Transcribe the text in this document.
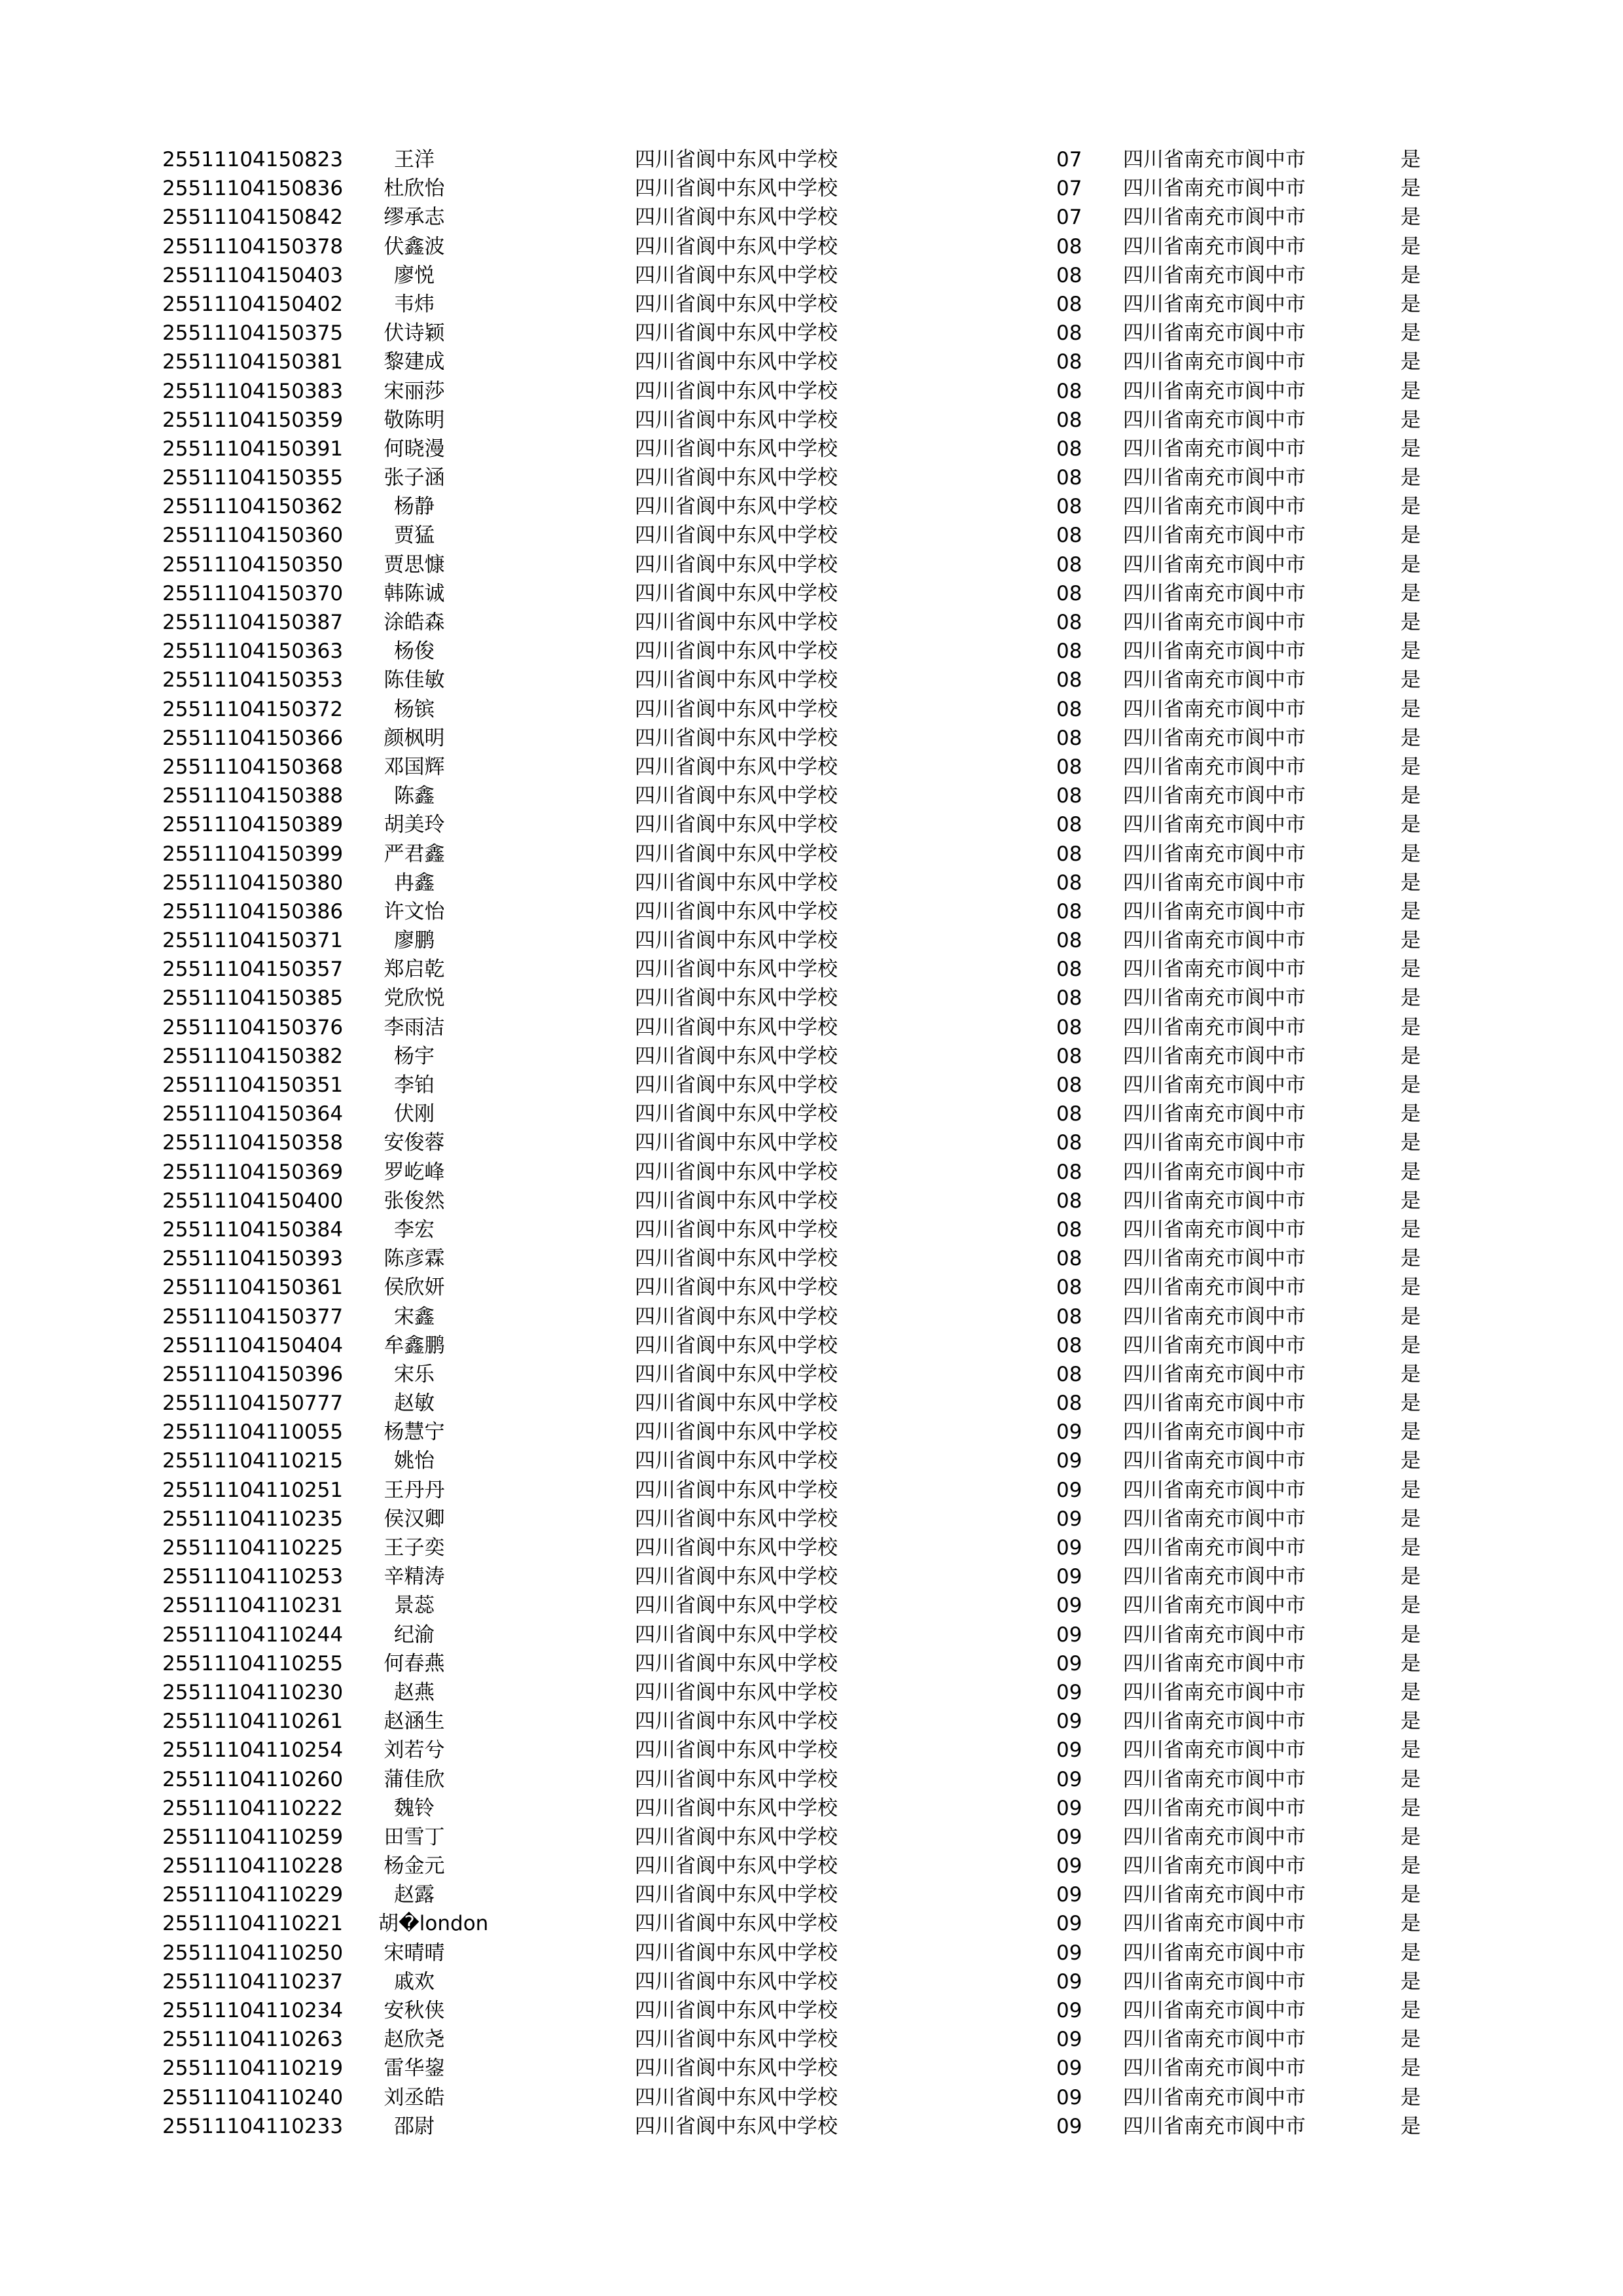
25511104150823	王洋	四川省阆中东风中学校	07 四川省南充市阆中市	是
25511104150836 杜欣怡	四川省阆中东风中学校	07 四川省南充市阆中市	是
25511104150842 缪承志	四川省阆中东风中学校	07 四川省南充市阆中市	是
25511104150378 伏鑫波	四川省阆中东风中学校	08 四川省南充市阆中市	是
25511104150403	廖悦	四川省阆中东风中学校	08 四川省南充市阆中市	是
25511104150402	韦炜	四川省阆中东风中学校	08 四川省南充市阆中市	是
25511104150375 伏诗颖	四川省阆中东风中学校	08 四川省南充市阆中市	是
25511104150381 黎建成	四川省阆中东风中学校	08 四川省南充市阆中市	是
25511104150383 宋丽莎	四川省阆中东风中学校	08 四川省南充市阆中市	是
25511104150359 敬陈明	四川省阆中东风中学校	08 四川省南充市阆中市	是
25511104150391 何晓漫	四川省阆中东风中学校	08 四川省南充市阆中市	是
25511104150355 张子涵	四川省阆中东风中学校	08 四川省南充市阆中市	是
25511104150362	杨静	四川省阆中东风中学校	08 四川省南充市阆中市	是
25511104150360	贾猛	四川省阆中东风中学校	08 四川省南充市阆中市	是
25511104150350 贾思慷	四川省阆中东风中学校	08 四川省南充市阆中市	是
25511104150370 韩陈诚	四川省阆中东风中学校	08 四川省南充市阆中市	是
25511104150387 涂皓森	四川省阆中东风中学校	08 四川省南充市阆中市	是
25511104150363	杨俊	四川省阆中东风中学校	08 四川省南充市阆中市	是
25511104150353 陈佳敏	四川省阆中东风中学校	08 四川省南充市阆中市	是
25511104150372	杨镔	四川省阆中东风中学校	08 四川省南充市阆中市	是
25511104150366 颜枫明	四川省阆中东风中学校	08 四川省南充市阆中市	是
25511104150368 邓国辉	四川省阆中东风中学校	08 四川省南充市阆中市	是
25511104150388	陈鑫	四川省阆中东风中学校	08 四川省南充市阆中市	是
25511104150389 胡美玲	四川省阆中东风中学校	08 四川省南充市阆中市	是
25511104150399 严君鑫	四川省阆中东风中学校	08 四川省南充市阆中市	是
25511104150380	冉鑫	四川省阆中东风中学校	08 四川省南充市阆中市	是
25511104150386 许文怡	四川省阆中东风中学校	08 四川省南充市阆中市	是
25511104150371	廖鹏	四川省阆中东风中学校	08 四川省南充市阆中市	是
25511104150357 郑启乾	四川省阆中东风中学校	08 四川省南充市阆中市	是
25511104150385 党欣悦	四川省阆中东风中学校	08 四川省南充市阆中市	是
25511104150376 李雨洁	四川省阆中东风中学校	08 四川省南充市阆中市	是
25511104150382	杨宇	四川省阆中东风中学校	08 四川省南充市阆中市	是
25511104150351	李铂	四川省阆中东风中学校	08 四川省南充市阆中市	是
25511104150364	伏刚	四川省阆中东风中学校	08 四川省南充市阆中市	是
25511104150358 安俊蓉	四川省阆中东风中学校	08 四川省南充市阆中市	是
25511104150369 罗屹峰	四川省阆中东风中学校	08 四川省南充市阆中市	是
25511104150400 张俊然	四川省阆中东风中学校	08 四川省南充市阆中市	是
25511104150384	李宏	四川省阆中东风中学校	08 四川省南充市阆中市	是
25511104150393 陈彦霖	四川省阆中东风中学校	08 四川省南充市阆中市	是
25511104150361 侯欣妍	四川省阆中东风中学校	08 四川省南充市阆中市	是
25511104150377	宋鑫	四川省阆中东风中学校	08 四川省南充市阆中市	是
25511104150404 牟鑫鹏	四川省阆中东风中学校	08 四川省南充市阆中市	是
25511104150396	宋乐	四川省阆中东风中学校	08 四川省南充市阆中市	是
25511104150777	赵敏	四川省阆中东风中学校	08 四川省南充市阆中市	是
25511104110055 杨慧宁	四川省阆中东风中学校	09 四川省南充市阆中市	是
25511104110215	姚怡	四川省阆中东风中学校	09 四川省南充市阆中市	是
25511104110251 王丹丹	四川省阆中东风中学校	09 四川省南充市阆中市	是
25511104110235 侯汉卿	四川省阆中东风中学校	09 四川省南充市阆中市	是
25511104110225 王子奕	四川省阆中东风中学校	09 四川省南充市阆中市	是
25511104110253 辛精涛	四川省阆中东风中学校	09 四川省南充市阆中市	是
25511104110231	景蕊	四川省阆中东风中学校	09 四川省南充市阆中市	是
25511104110244	纪渝	四川省阆中东风中学校	09 四川省南充市阆中市	是
25511104110255 何春燕	四川省阆中东风中学校	09 四川省南充市阆中市	是
25511104110230	赵燕	四川省阆中东风中学校	09 四川省南充市阆中市	是
25511104110261 赵涵生	四川省阆中东风中学校	09 四川省南充市阆中市	是
25511104110254 刘若兮	四川省阆中东风中学校	09 四川省南充市阆中市	是
25511104110260 蒲佳欣	四川省阆中东风中学校	09 四川省南充市阆中市	是
25511104110222	魏铃	四川省阆中东风中学校	09 四川省南充市阆中市	是
25511104110259 田雪丁	四川省阆中东风中学校	09 四川省南充市阆中市	是
25511104110228 杨金元	四川省阆中东风中学校	09 四川省南充市阆中市	是
25511104110229	赵露	四川省阆中东风中学校	09 四川省南充市阆中市	是
25511104110221 胡�london	四川省阆中东风中学校	09 四川省南充市阆中市	是
25511104110250 宋晴晴	四川省阆中东风中学校	09 四川省南充市阆中市	是
25511104110237	戚欢	四川省阆中东风中学校	09 四川省南充市阆中市	是
25511104110234 安秋侠	四川省阆中东风中学校	09 四川省南充市阆中市	是
25511104110263 赵欣尧	四川省阆中东风中学校	09 四川省南充市阆中市	是
25511104110219 雷华鋆	四川省阆中东风中学校	09 四川省南充市阆中市	是
25511104110240 刘丞皓	四川省阆中东风中学校	09 四川省南充市阆中市	是
25511104110233	邵尉	四川省阆中东风中学校	09 四川省南充市阆中市	是
